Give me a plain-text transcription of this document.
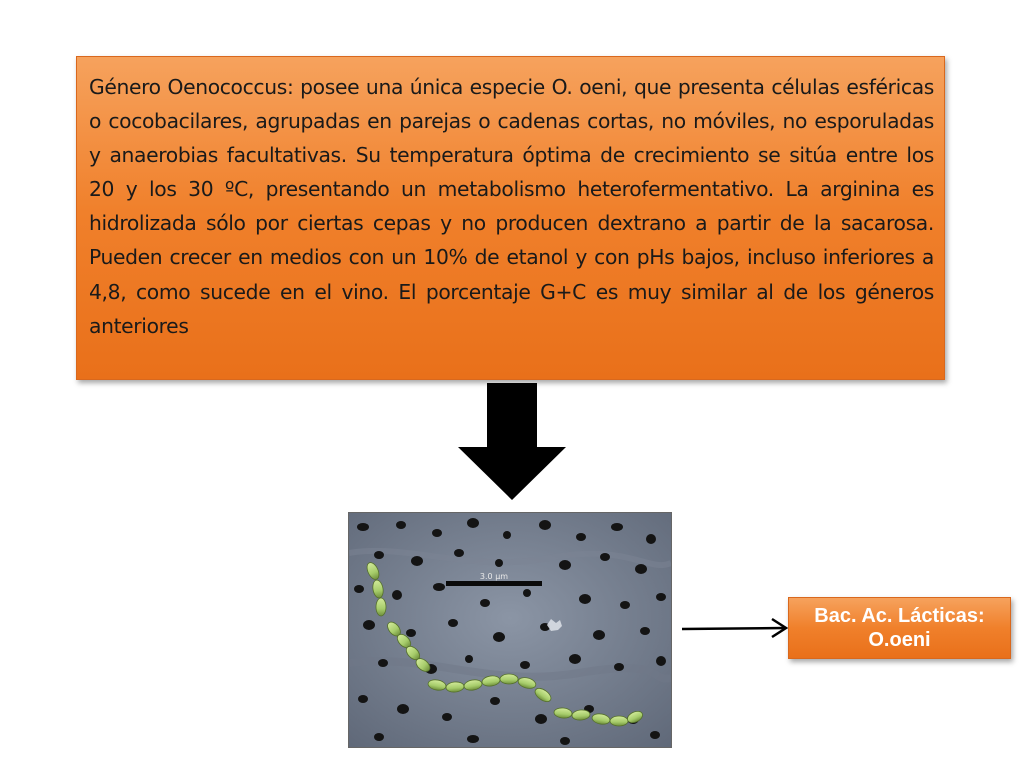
Género Oenococcus: posee una única especie O. oeni, que presenta células esféricas o cocobacilares, agrupadas en parejas o cadenas cortas, no móviles, no esporuladas y anaerobias facultativas. Su temperatura óptima de crecimiento se sitúa entre los 20 y los 30 ºC, presentando un metabolismo heterofermentativo. La arginina es hidrolizada sólo por ciertas cepas y no producen dextrano a partir de la sacarosa. Pueden crecer en medios con un 10% de etanol y con pHs bajos, incluso inferiores a 4,8, como sucede en el vino. El porcentaje G+C es muy similar al de los géneros anteriores
3.0 µm
Bac. Ac. Lácticas:
O.oeni
